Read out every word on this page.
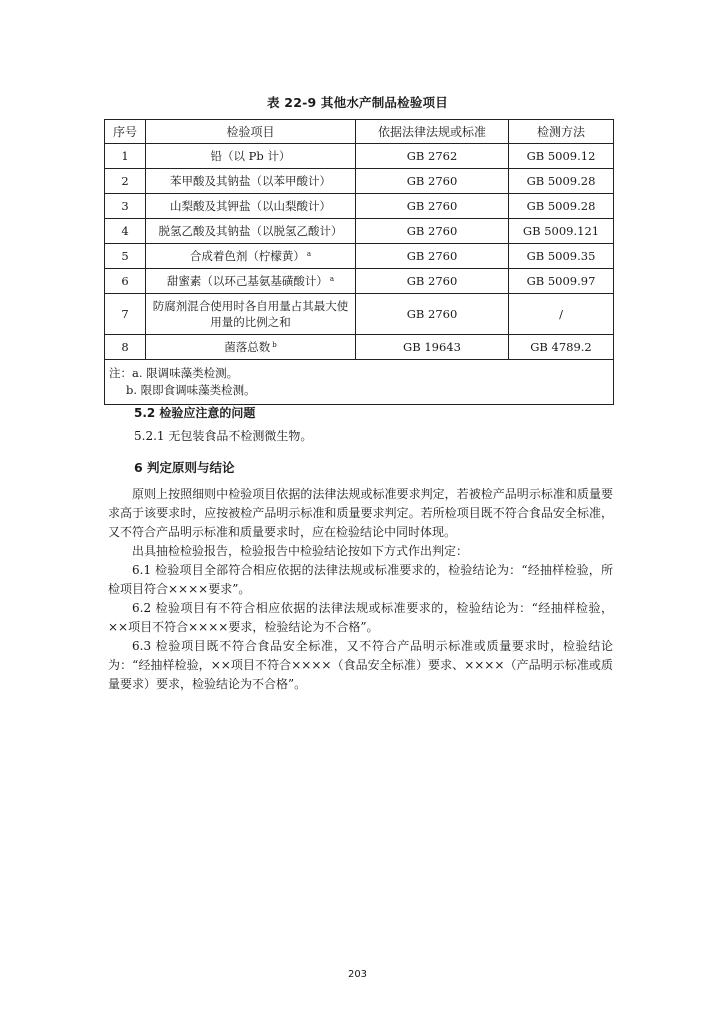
表 22-9 其他水产制品检验项目
序号	检验项目	依据法律法规或标准	检测方法
1	铅（以 Pb 计）	GB 2762	GB 5009.12
2	苯甲酸及其钠盐（以苯甲酸计）	GB 2760	GB 5009.28
3	山梨酸及其钾盐（以山梨酸计）	GB 2760	GB 5009.28
4	脱氢乙酸及其钠盐（以脱氢乙酸计）	GB 2760	GB 5009.121
5	合成着色剂（柠檬黄） $^a$	GB 2760	GB 5009.35
6	甜蜜素（以环己基氨基磺酸计） $^a$	GB 2760	GB 5009.97
7	防腐剂混合使用时各自用量占其最大使用量的比例之和	GB 2760	/
8	菌落总数 $^b$	GB 19643	GB 4789.2

注：a. 限调味藻类检测。
b. 限即食调味藻类检测。			
5.2 检验应注意的问题
5.2.1 无包装食品不检测微生物。
6 判定原则与结论

原则上按照细则中检验项目依据的法律法规或标准要求判定，若被检产品明示标准和质量要求高于该要求时，应按被检产品明示标准和质量要求判定。若所检项目既不符合食品安全标准，又不符合产品明示标准和质量要求时，应在检验结论中同时体现。

出具抽检检验报告，检验报告中检验结论按如下方式作出判定：

6.1 检验项目全部符合相应依据的法律法规或标准要求的，检验结论为：“经抽样检验，所检项目符合××××要求”。

6.2 检验项目有不符合相应依据的法律法规或标准要求的，检验结论为：“经抽样检验，××项目不符合××××要求，检验结论为不合格”。

6.3 检验项目既不符合食品安全标准，又不符合产品明示标准或质量要求时，检验结论为：“经抽样检验，××项目不符合××××（食品安全标准）要求、××××（产品明示标准或质量要求）要求，检验结论为不合格”。

203
